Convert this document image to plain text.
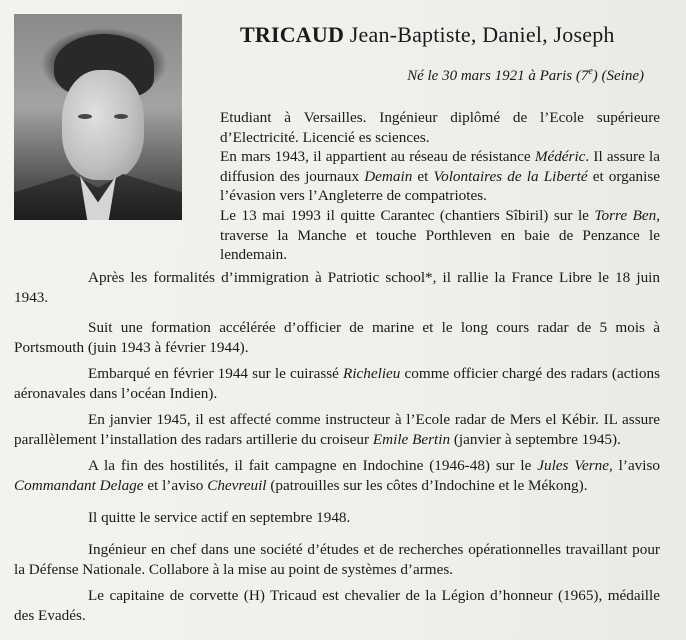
TRICAUD Jean-Baptiste, Daniel, Joseph
Né le 30 mars 1921 à Paris (7e) (Seine)
Etudiant à Versailles. Ingénieur diplômé de l’Ecole supérieure d’Electricité. Licencié es sciences.
En mars 1943, il appartient au réseau de résistance Médéric. Il assure la diffusion des journaux Demain et Volontaires de la Liberté et organise l’évasion vers l’Angleterre de compatriotes.
Le 13 mai 1993 il quitte Carantec (chantiers Sîbiril) sur le Torre Ben, traverse la Manche et touche Porthleven en baie de Penzance le lendemain.
Après les formalités d’immigration à Patriotic school*, il rallie la France Libre le 18 juin 1943.
Suit une formation accélérée d’officier de marine et le long cours radar de 5 mois à Portsmouth (juin 1943 à février 1944).
Embarqué en février 1944 sur le cuirassé Richelieu comme officier chargé des radars (actions aéronavales dans l’océan Indien).
En janvier 1945, il est affecté comme instructeur à l’Ecole radar de Mers el Kébir. IL assure parallèlement l’installation des radars artillerie du croiseur Emile Bertin (janvier à septembre 1945).
A la fin des hostilités, il fait campagne en Indochine (1946-48) sur le Jules Verne, l’aviso Commandant Delage et l’aviso Chevreuil (patrouilles sur les côtes d’Indochine et le Mékong).
Il quitte le service actif en septembre 1948.
Ingénieur en chef dans une société d’études et de recherches opérationnelles travaillant pour la Défense Nationale. Collabore à la mise au point de systèmes d’armes.
Le capitaine de corvette (H) Tricaud est chevalier de la Légion d’honneur (1965), médaille des Evadés.
